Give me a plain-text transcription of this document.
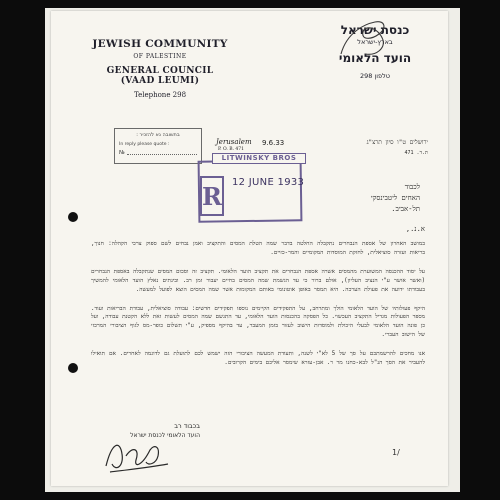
JEWISH COMMUNITY
OF PALESTINE
GENERAL COUNCIL (VAAD LEUMI)
Telephone 298
כנסת ישראל
בארץ-ישראל
הועד הלאומי
טלפון 298
בתשובה נא להזכיר :
In reply please quote :
№
Jerusalem
P. O. B. 471
9.6.33	ירושלים ט"ו סיון תרצ"ג
ת.ד. 471
LITWINSKY BROS
R 12 JUNE 1933	לכבוד
האחים ליטבינסקי
תל-אביב.
א.נ.,

במושב האחרון של אספת הנבחרים נתקבלה החלטה בדבר שמה הטלת המסים והתקציב ואמן נבחים לשם ספוק צרכי הקהלה: חנוך, בריאות ועזרה סוציאלית, לחזקת המוסדות המקומיים והמר-כזיים.

על יסוד ההכנסה המשוערת מהמסים אשרה אספת הנבחרים את תקציב הועד הלאומי. תקציב זה וסכום המסים שנתקבלה באספת הנבחרים (ואשר אושר ע"י הנציב העליון), אולם ברור כי עד הגשמת שמה המסים בחיים יעבור זמן רב. ובינתים נאלץ הועד הלאומי להמשיך בעבודתו ידועה את פעולת הערכה. היא תמסר באופן אוטונומי באותם המקומות אשר שמה המסים הוצא לפועל למעשה.

היקף פעולותיו של הועד הלאומי הולך ומתרחב, על התפקידים הקיימים נוספו תפקידים חדשים: עבודה סוציאלית, עבודת הבריאות ועוד. מספר הפעולות מגדיל התקציב העכשוי. כל הפסקה בהכנסות הועד הלאומי, עד התגשם שמה המסים לעשות זאת ללא הקטנת עבודה, ועל כן פונה הועד הלאומי לבעלי היכולת ולמוסדות הישוב לעזור בזמן המעבר, עד בהיקף מספיק, ע"י תשלום כופר-מס לגוף הציבורי המרכזי של הישוב העברי.

אנו מחכים להרשמתכם על סך של 5 לא"י לשנה, ותעודת המעשה הציבורי הזה ישמש לכם לתועלת גם לדוגמה לאחרים. אם תואילו להעביר את הסך הנ"ל לבא-כחנו מר ר. אבן-עזרא שימסר אליכם בימים הקרובים.

בכבוד רב
הועד הלאומי לכנסת ישראל
1/
